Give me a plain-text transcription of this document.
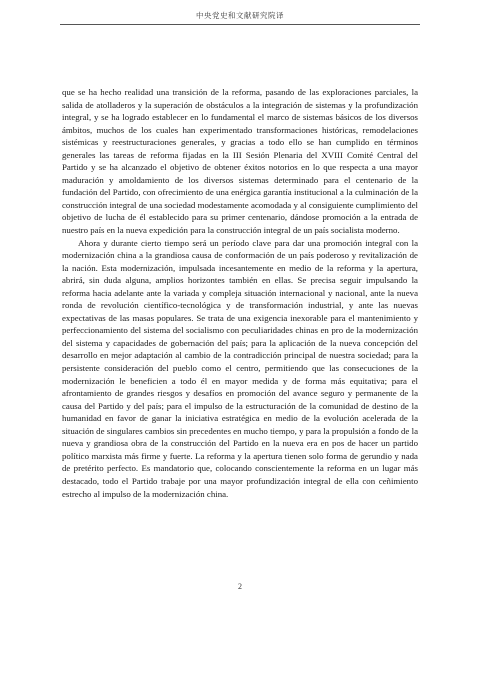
中央党史和文献研究院译

que se ha hecho realidad una transición de la reforma, pasando de las exploraciones parciales, la salida de atolladeros y la superación de obstáculos a la integración de sistemas y la profundización integral, y se ha logrado establecer en lo fundamental el marco de sistemas básicos de los diversos ámbitos, muchos de los cuales han experimentado transformaciones históricas, remodelaciones sistémicas y reestructuraciones generales, y gracias a todo ello se han cumplido en términos generales las tareas de reforma fijadas en la III Sesión Plenaria del XVIII Comité Central del Partido y se ha alcanzado el objetivo de obtener éxitos notorios en lo que respecta a una mayor maduración y amoldamiento de los diversos sistemas determinado para el centenario de la fundación del Partido, con ofrecimiento de una enérgica garantía institucional a la culminación de la construcción integral de una sociedad modestamente acomodada y al consiguiente cumplimiento del objetivo de lucha de él establecido para su primer centenario, dándose promoción a la entrada de nuestro país en la nueva expedición para la construcción integral de un país socialista moderno.

Ahora y durante cierto tiempo será un período clave para dar una promoción integral con la modernización china a la grandiosa causa de conformación de un país poderoso y revitalización de la nación. Esta modernización, impulsada incesantemente en medio de la reforma y la apertura, abrirá, sin duda alguna, amplios horizontes también en ellas. Se precisa seguir impulsando la reforma hacia adelante ante la variada y compleja situación internacional y nacional, ante la nueva ronda de revolución científico-tecnológica y de transformación industrial, y ante las nuevas expectativas de las masas populares. Se trata de una exigencia inexorable para el mantenimiento y perfeccionamiento del sistema del socialismo con peculiaridades chinas en pro de la modernización del sistema y capacidades de gobernación del país; para la aplicación de la nueva concepción del desarrollo en mejor adaptación al cambio de la contradicción principal de nuestra sociedad; para la persistente consideración del pueblo como el centro, permitiendo que las consecuciones de la modernización le beneficien a todo él en mayor medida y de forma más equitativa; para el afrontamiento de grandes riesgos y desafíos en promoción del avance seguro y permanente de la causa del Partido y del país; para el impulso de la estructuración de la comunidad de destino de la humanidad en favor de ganar la iniciativa estratégica en medio de la evolución acelerada de la situación de singulares cambios sin precedentes en mucho tiempo, y para la propulsión a fondo de la nueva y grandiosa obra de la construcción del Partido en la nueva era en pos de hacer un partido político marxista más firme y fuerte. La reforma y la apertura tienen solo forma de gerundio y nada de pretérito perfecto. Es mandatorio que, colocando conscientemente la reforma en un lugar más destacado, todo el Partido trabaje por una mayor profundización integral de ella con ceñimiento estrecho al impulso de la modernización china.

2
